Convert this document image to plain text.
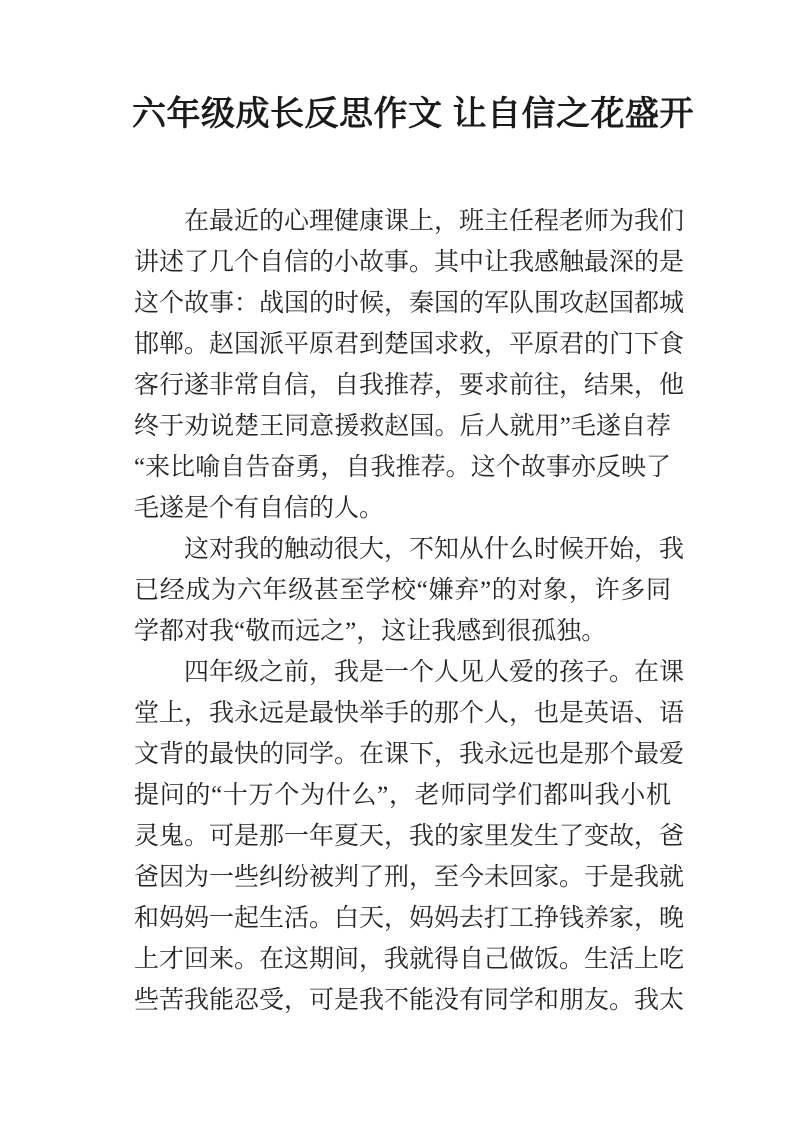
六年级成长反思作文 让自信之花盛开
在最近的心理健康课上，班主任程老师为我们
讲述了几个自信的小故事。其中让我感触最深的是
这个故事：战国的时候，秦国的军队围攻赵国都城
邯郸。赵国派平原君到楚国求救，平原君的门下食
客行遂非常自信，自我推荐，要求前往，结果，他
终于劝说楚王同意援救赵国。后人就用”毛遂自荐
“来比喻自告奋勇，自我推荐。这个故事亦反映了
毛遂是个有自信的人。
这对我的触动很大，不知从什么时候开始，我
已经成为六年级甚至学校“嫌弃”的对象，许多同
学都对我“敬而远之”，这让我感到很孤独。
四年级之前，我是一个人见人爱的孩子。在课
堂上，我永远是最快举手的那个人，也是英语、语
文背的最快的同学。在课下，我永远也是那个最爱
提问的“十万个为什么”，老师同学们都叫我小机
灵鬼。可是那一年夏天，我的家里发生了变故，爸
爸因为一些纠纷被判了刑，至今未回家。于是我就
和妈妈一起生活。白天，妈妈去打工挣钱养家，晚
上才回来。在这期间，我就得自己做饭。生活上吃
些苦我能忍受，可是我不能没有同学和朋友。我太
